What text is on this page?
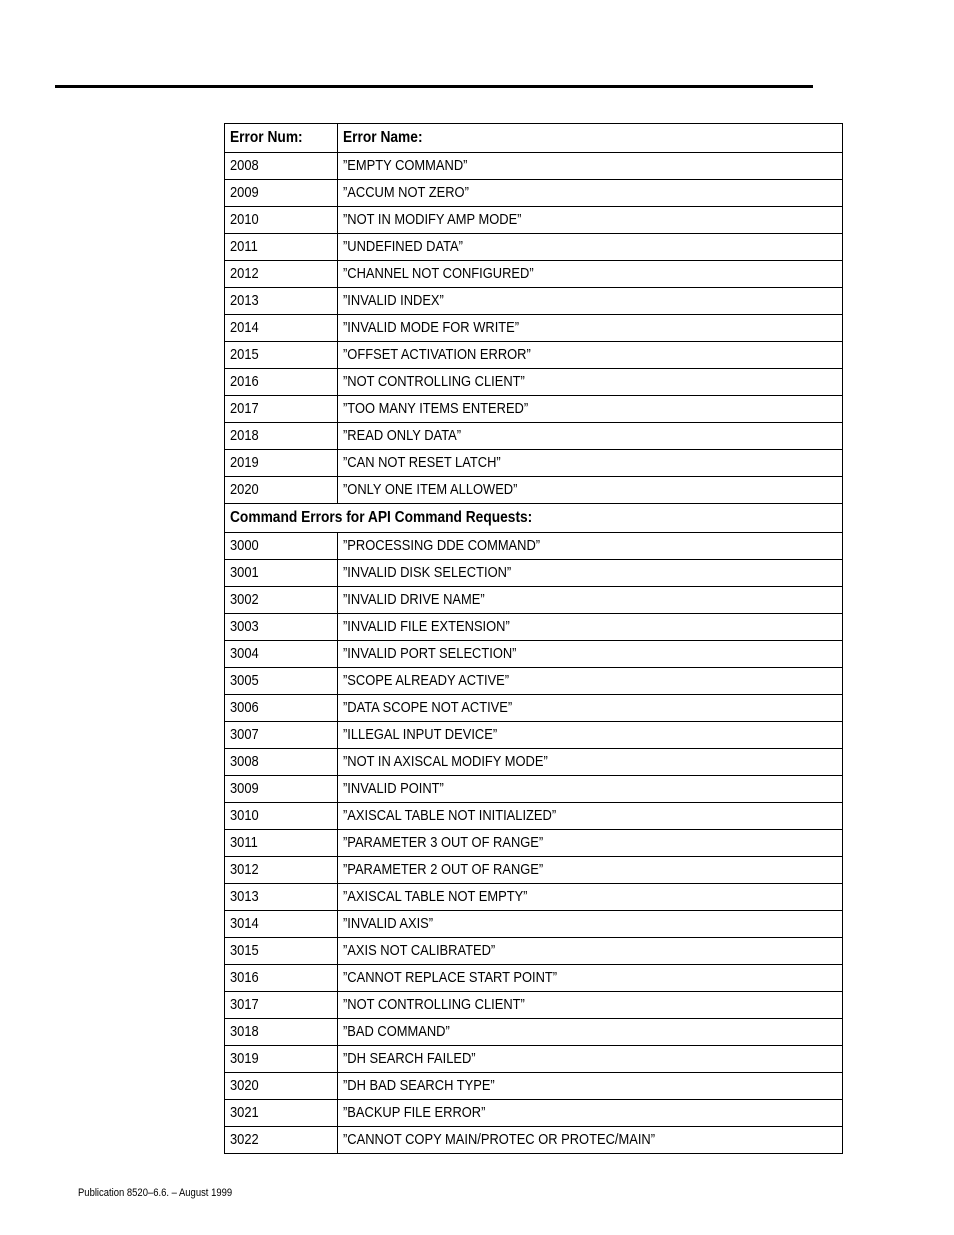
Error Num:	Error Name:
2008	”EMPTY COMMAND”
2009	”ACCUM NOT ZERO”
2010	”NOT IN MODIFY AMP MODE”
2011	”UNDEFINED DATA”
2012	”CHANNEL NOT CONFIGURED”
2013	”INVALID INDEX”
2014	”INVALID MODE FOR WRITE”
2015	”OFFSET ACTIVATION ERROR”
2016	”NOT CONTROLLING CLIENT”
2017	”TOO MANY ITEMS ENTERED”
2018	”READ ONLY DATA”
2019	”CAN NOT RESET LATCH”
2020	”ONLY ONE ITEM ALLOWED”
Command Errors for API Command Requests:	
3000	”PROCESSING DDE COMMAND”
3001	”INVALID DISK SELECTION”
3002	”INVALID DRIVE NAME”
3003	”INVALID FILE EXTENSION”
3004	”INVALID PORT SELECTION”
3005	”SCOPE ALREADY ACTIVE”
3006	”DATA SCOPE NOT ACTIVE”
3007	”ILLEGAL INPUT DEVICE”
3008	”NOT IN AXISCAL MODIFY MODE”
3009	”INVALID POINT”
3010	”AXISCAL TABLE NOT INITIALIZED”
3011	”PARAMETER 3 OUT OF RANGE”
3012	”PARAMETER 2 OUT OF RANGE”
3013	”AXISCAL TABLE NOT EMPTY”
3014	”INVALID AXIS”
3015	”AXIS NOT CALIBRATED”
3016	”CANNOT REPLACE START POINT”
3017	”NOT CONTROLLING CLIENT”
3018	”BAD COMMAND”
3019	”DH SEARCH FAILED”
3020	”DH BAD SEARCH TYPE”
3021	”BACKUP FILE ERROR”
3022	”CANNOT COPY MAIN/PROTEC OR PROTEC/MAIN”
Publication 8520–6.6. – August 1999
